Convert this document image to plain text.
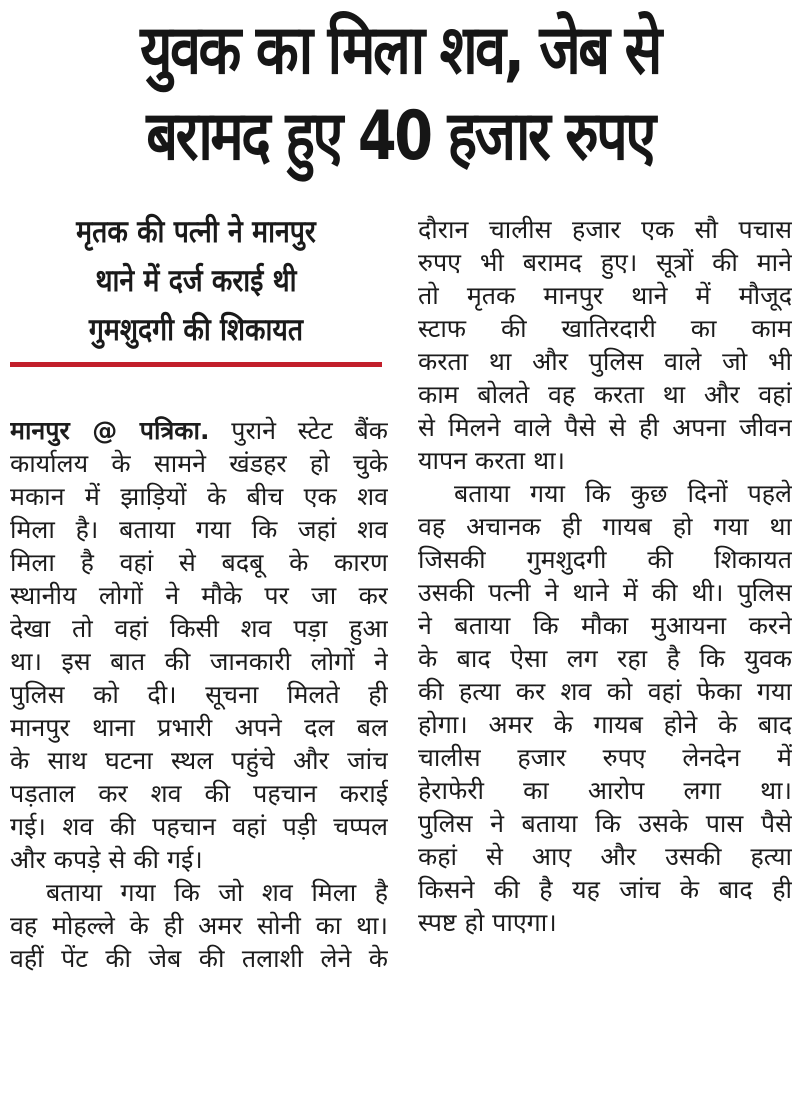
युवक का मिला शव, जेब से
बरामद हुए 40 हजार रुपए
मृतक की पत्नी ने मानपुर
थाने में दर्ज कराई थी
गुमशुदगी की शिकायत
मानपुर @ पत्रिका. पुराने स्टेट बैंक
कार्यालय के सामने खंडहर हो चुके
मकान में झाड़ियों के बीच एक शव
मिला है। बताया गया कि जहां शव
मिला है वहां से बदबू के कारण
स्थानीय लोगों ने मौके पर जा कर
देखा तो वहां किसी शव पड़ा हुआ
था। इस बात की जानकारी लोगों ने
पुलिस को दी। सूचना मिलते ही
मानपुर थाना प्रभारी अपने दल बल
के साथ घटना स्थल पहुंचे और जांच
पड़ताल कर शव की पहचान कराई
गई। शव की पहचान वहां पड़ी चप्पल
और कपड़े से की गई।
बताया गया कि जो शव मिला है
वह मोहल्ले के ही अमर सोनी का था।
वहीं पेंट की जेब की तलाशी लेने के
दौरान चालीस हजार एक सौ पचास
रुपए भी बरामद हुए। सूत्रों की माने
तो मृतक मानपुर थाने में मौजूद
स्टाफ की खातिरदारी का काम
करता था और पुलिस वाले जो भी
काम बोलते वह करता था और वहां
से मिलने वाले पैसे से ही अपना जीवन
यापन करता था।
बताया गया कि कुछ दिनों पहले
वह अचानक ही गायब हो गया था
जिसकी गुमशुदगी की शिकायत
उसकी पत्नी ने थाने में की थी। पुलिस
ने बताया कि मौका मुआयना करने
के बाद ऐसा लग रहा है कि युवक
की हत्या कर शव को वहां फेका गया
होगा। अमर के गायब होने के बाद
चालीस हजार रुपए लेनदेन में
हेराफेरी का आरोप लगा था।
पुलिस ने बताया कि उसके पास पैसे
कहां से आए और उसकी हत्या
किसने की है यह जांच के बाद ही
स्पष्ट हो पाएगा।
